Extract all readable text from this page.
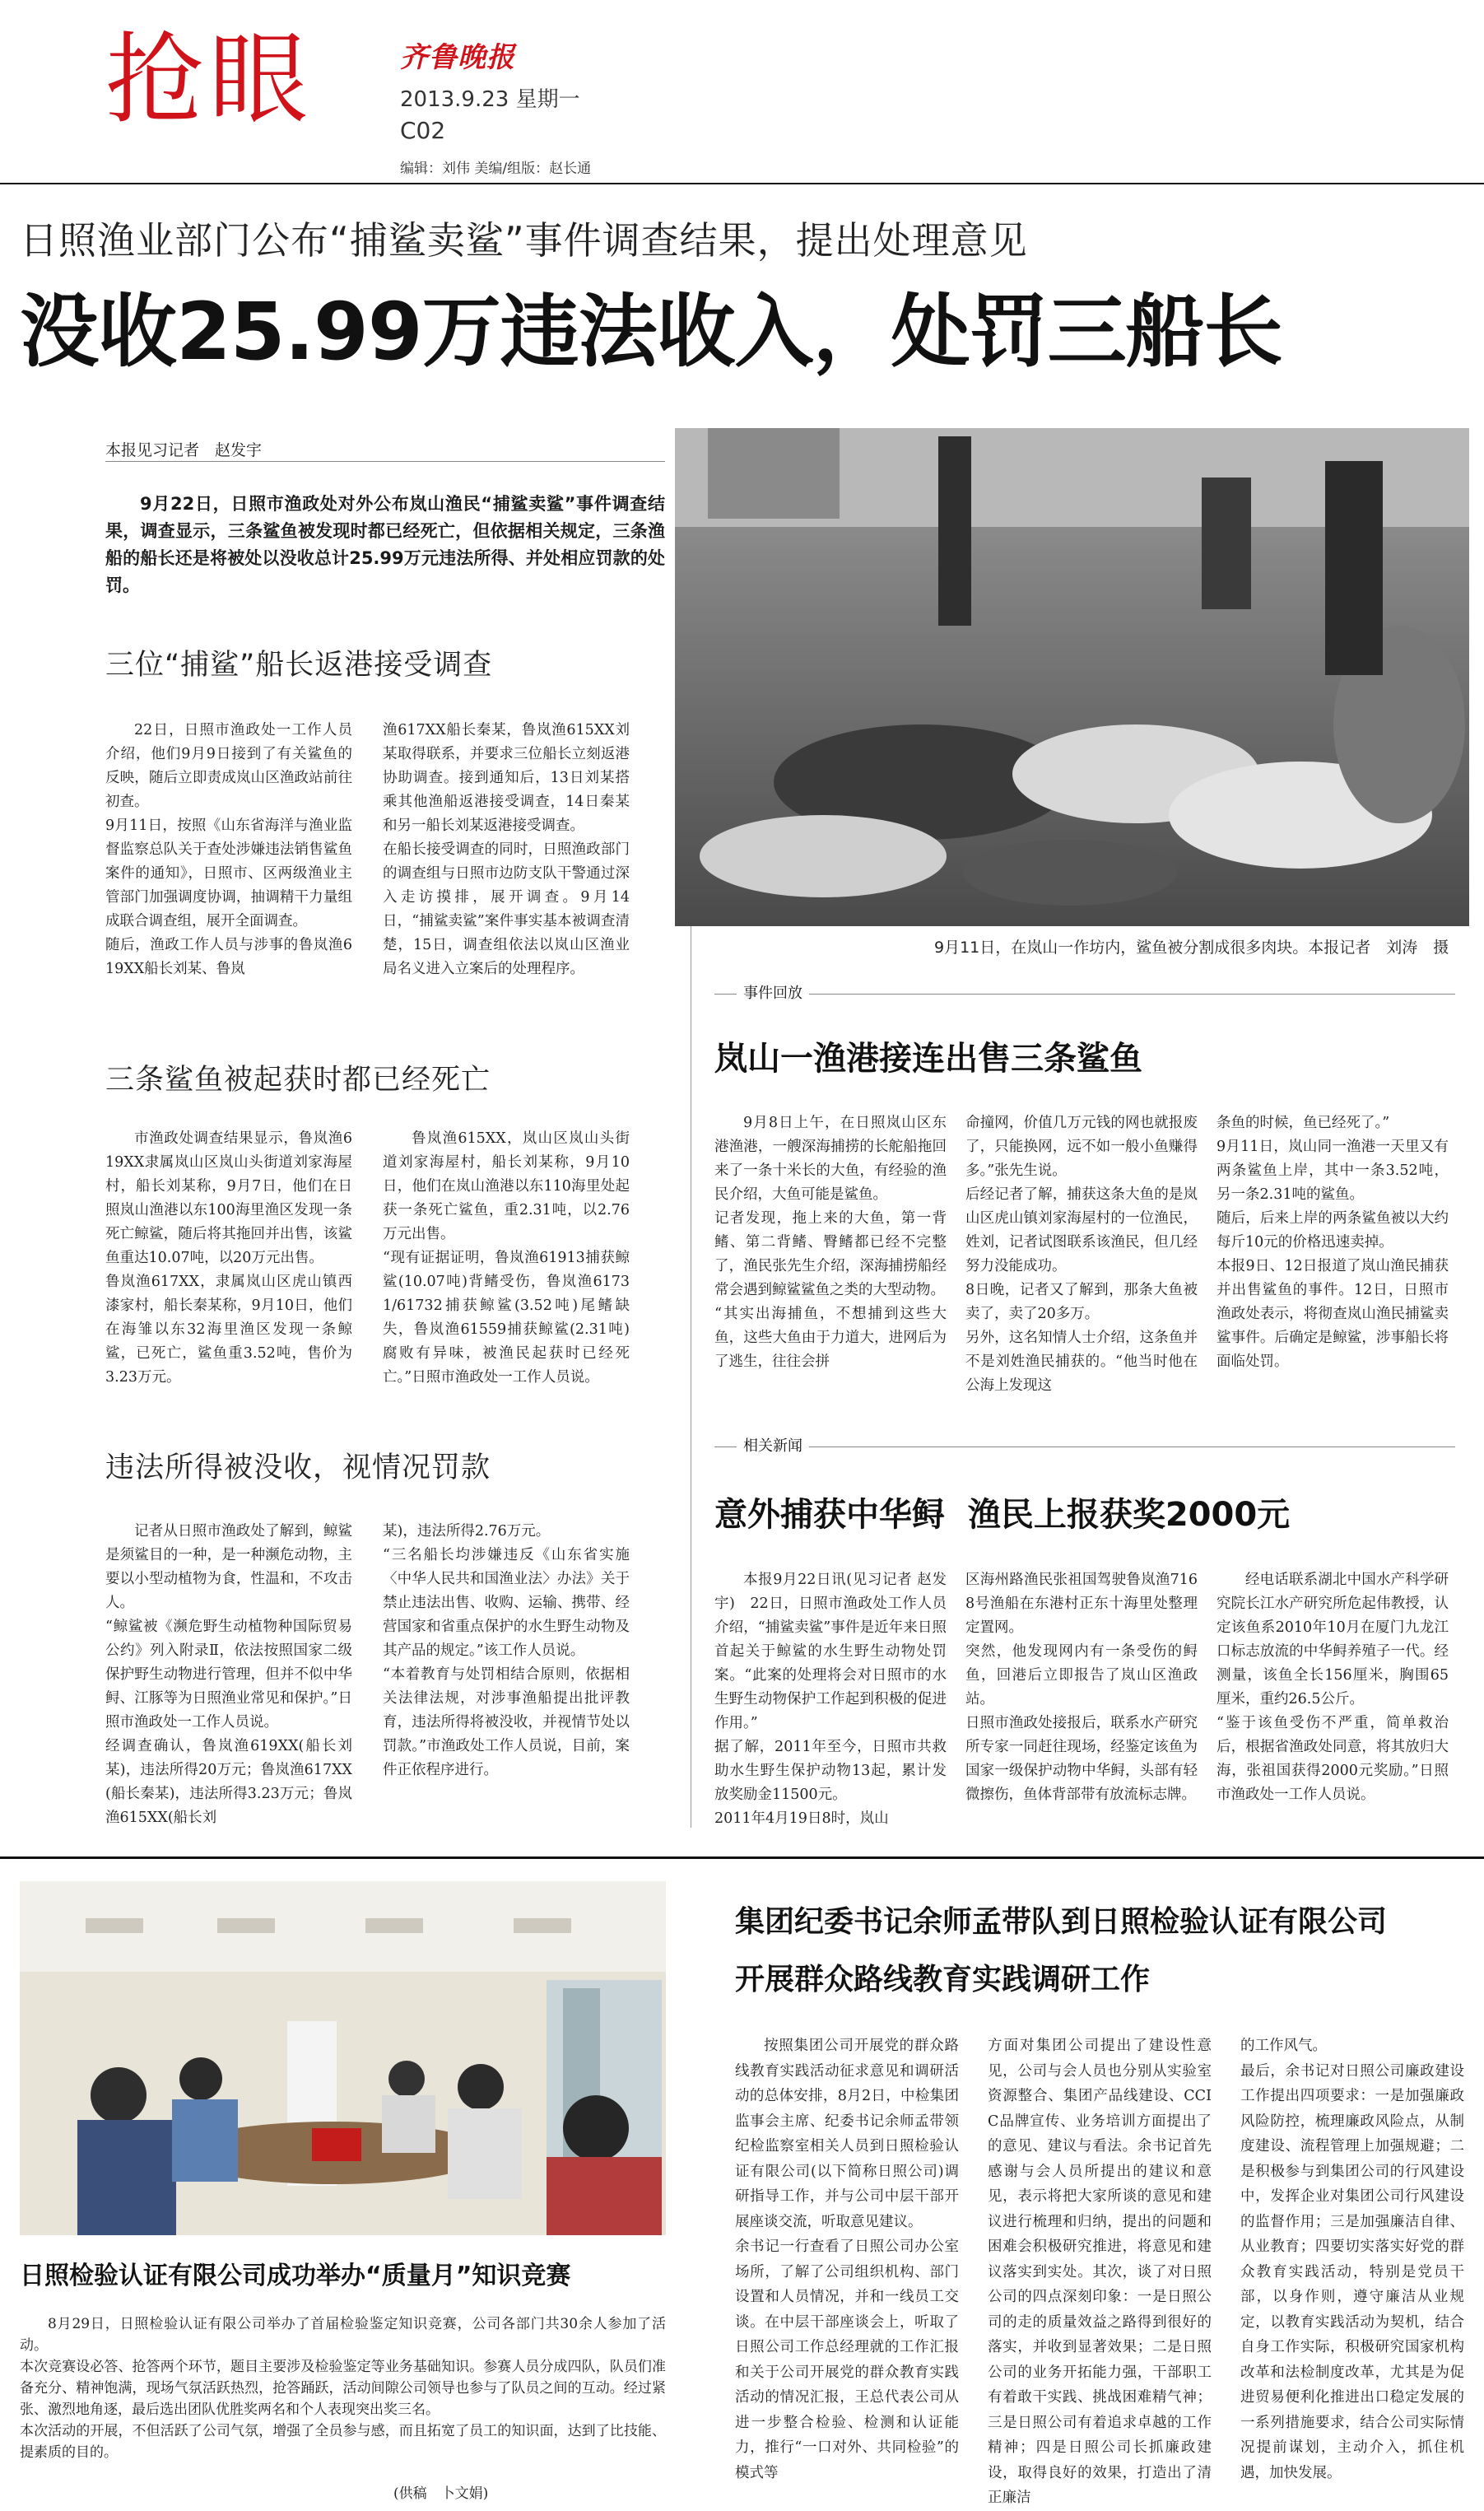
抢眼	齐鲁晚报
2013.9.23 星期一
C02
编辑：刘伟 美编/组版：赵长通
日照渔业部门公布“捕鲨卖鲨”事件调查结果，提出处理意见
没收25.99万违法收入，处罚三船长
本报见习记者　赵发宇
9月22日，日照市渔政处对外公布岚山渔民“捕鲨卖鲨”事件调查结果，调查显示，三条鲨鱼被发现时都已经死亡，但依据相关规定，三条渔船的船长还是将被处以没收总计25.99万元违法所得、并处相应罚款的处罚。
三位“捕鲨”船长返港接受调查
22日，日照市渔政处一工作人员介绍，他们9月9日接到了有关鲨鱼的反映，随后立即责成岚山区渔政站前往初查。
9月11日，按照《山东省海洋与渔业监督监察总队关于查处涉嫌违法销售鲨鱼案件的通知》，日照市、区两级渔业主管部门加强调度协调，抽调精干力量组成联合调查组，展开全面调查。
随后，渔政工作人员与涉事的鲁岚渔619XX船长刘某、鲁岚
渔617XX船长秦某，鲁岚渔615XX刘某取得联系，并要求三位船长立刻返港协助调查。接到通知后，13日刘某搭乘其他渔船返港接受调查，14日秦某和另一船长刘某返港接受调查。
在船长接受调查的同时，日照渔政部门的调查组与日照市边防支队干警通过深入走访摸排，展开调查。9月14日，“捕鲨卖鲨”案件事实基本被调查清楚，15日，调查组依法以岚山区渔业局名义进入立案后的处理程序。
三条鲨鱼被起获时都已经死亡
市渔政处调查结果显示，鲁岚渔619XX隶属岚山区岚山头街道刘家海屋村，船长刘某称，9月7日，他们在日照岚山渔港以东100海里渔区发现一条死亡鲸鲨，随后将其拖回并出售，该鲨鱼重达10.07吨，以20万元出售。
鲁岚渔617XX，隶属岚山区虎山镇西漆家村，船长秦某称，9月10日，他们在海雏以东32海里渔区发现一条鲸鲨，已死亡，鲨鱼重3.52吨，售价为3.23万元。
鲁岚渔615XX，岚山区岚山头街道刘家海屋村，船长刘某称，9月10日，他们在岚山渔港以东110海里处起获一条死亡鲨鱼，重2.31吨，以2.76万元出售。
“现有证据证明，鲁岚渔61913捕获鲸鲨(10.07吨)背鳍受伤，鲁岚渔61731/61732捕获鲸鲨(3.52吨)尾鳍缺失，鲁岚渔61559捕获鲸鲨(2.31吨)腐败有异味，被渔民起获时已经死亡。”日照市渔政处一工作人员说。
违法所得被没收，视情况罚款
记者从日照市渔政处了解到，鲸鲨是须鲨目的一种，是一种濒危动物，主要以小型动植物为食，性温和，不攻击人。
“鲸鲨被《濒危野生动植物种国际贸易公约》列入附录Ⅱ，依法按照国家二级保护野生动物进行管理，但并不似中华鲟、江豚等为日照渔业常见和保护。”日照市渔政处一工作人员说。
经调查确认，鲁岚渔619XX(船长刘某)，违法所得20万元；鲁岚渔617XX(船长秦某)，违法所得3.23万元；鲁岚渔615XX(船长刘
某)，违法所得2.76万元。
“三名船长均涉嫌违反《山东省实施〈中华人民共和国渔业法〉办法》关于禁止违法出售、收购、运输、携带、经营国家和省重点保护的水生野生动物及其产品的规定。”该工作人员说。
“本着教育与处罚相结合原则，依据相关法律法规，对涉事渔船提出批评教育，违法所得将被没收，并视情节处以罚款。”市渔政处工作人员说，目前，案件正依程序进行。
9月11日，在岚山一作坊内，鲨鱼被分割成很多肉块。本报记者　刘涛　摄
事件回放
岚山一渔港接连出售三条鲨鱼
9月8日上午，在日照岚山区东港渔港，一艘深海捕捞的长舵船拖回来了一条十米长的大鱼，有经验的渔民介绍，大鱼可能是鲨鱼。
记者发现，拖上来的大鱼，第一背鳍、第二背鳍、臀鳍都已经不完整了，渔民张先生介绍，深海捕捞船经常会遇到鲸鲨鲨鱼之类的大型动物。
“其实出海捕鱼，不想捕到这些大鱼，这些大鱼由于力道大，进网后为了逃生，往往会拼
命撞网，价值几万元钱的网也就报废了，只能换网，远不如一般小鱼赚得多。”张先生说。
后经记者了解，捕获这条大鱼的是岚山区虎山镇刘家海屋村的一位渔民，姓刘，记者试图联系该渔民，但几经努力没能成功。
8日晚，记者又了解到，那条大鱼被卖了，卖了20多万。
另外，这名知情人士介绍，这条鱼并不是刘姓渔民捕获的。“他当时他在公海上发现这
条鱼的时候，鱼已经死了。”
9月11日，岚山同一渔港一天里又有两条鲨鱼上岸，其中一条3.52吨，另一条2.31吨的鲨鱼。
随后，后来上岸的两条鲨鱼被以大约每斤10元的价格迅速卖掉。
本报9日、12日报道了岚山渔民捕获并出售鲨鱼的事件。12日，日照市渔政处表示，将彻查岚山渔民捕鲨卖鲨事件。后确定是鲸鲨，涉事船长将面临处罚。
相关新闻
意外捕获中华鲟  渔民上报获奖2000元
本报9月22日讯(见习记者 赵发宇)　22日，日照市渔政处工作人员介绍，“捕鲨卖鲨”事件是近年来日照首起关于鲸鲨的水生野生动物处罚案。“此案的处理将会对日照市的水生野生动物保护工作起到积极的促进作用。”
据了解，2011年至今，日照市共救助水生野生保护动物13起，累计发放奖励金11500元。
2011年4月19日8时，岚山
区海州路渔民张祖国驾驶鲁岚渔7168号渔船在东港村正东十海里处整理定置网。
突然，他发现网内有一条受伤的鲟鱼，回港后立即报告了岚山区渔政站。
日照市渔政处接报后，联系水产研究所专家一同赶往现场，经鉴定该鱼为国家一级保护动物中华鲟，头部有轻微擦伤，鱼体背部带有放流标志牌。
经电话联系湖北中国水产科学研究院长江水产研究所危起伟教授，认定该鱼系2010年10月在厦门九龙江口标志放流的中华鲟养殖子一代。经测量，该鱼全长156厘米，胸围65厘米，重约26.5公斤。
“鉴于该鱼受伤不严重，简单救治后，根据省渔政处同意，将其放归大海，张祖国获得2000元奖励。”日照市渔政处一工作人员说。
日照检验认证有限公司成功举办“质量月”知识竞赛
8月29日，日照检验认证有限公司举办了首届检验鉴定知识竞赛，公司各部门共30余人参加了活动。
本次竞赛设必答、抢答两个环节，题目主要涉及检验鉴定等业务基础知识。参赛人员分成四队，队员们准备充分、精神饱满，现场气氛活跃热烈，抢答踊跃，活动间隙公司领导也参与了队员之间的互动。经过紧张、激烈地角逐，最后选出团队优胜奖两名和个人表现突出奖三名。
本次活动的开展，不但活跃了公司气氛，增强了全员参与感，而且拓宽了员工的知识面，达到了比技能、提素质的目的。
(供稿　卜文娟)
集团纪委书记余师孟带队到日照检验认证有限公司
开展群众路线教育实践调研工作
按照集团公司开展党的群众路线教育实践活动征求意见和调研活动的总体安排，8月2日，中检集团监事会主席、纪委书记余师孟带领纪检监察室相关人员到日照检验认证有限公司(以下简称日照公司)调研指导工作，并与公司中层干部开展座谈交流，听取意见建议。
余书记一行查看了日照公司办公室场所，了解了公司组织机构、部门设置和人员情况，并和一线员工交谈。在中层干部座谈会上，听取了日照公司工作总经理就的工作汇报和关于公司开展党的群众教育实践活动的情况汇报，王总代表公司从进一步整合检验、检测和认证能力，推行“一口对外、共同检验”的模式等
方面对集团公司提出了建设性意见，公司与会人员也分别从实验室资源整合、集团产品线建设、CCIC品牌宣传、业务培训方面提出了的意见、建议与看法。余书记首先感谢与会人员所提出的建议和意见，表示将把大家所谈的意见和建议进行梳理和归纳，提出的问题和困难会积极研究推进，将意见和建议落实到实处。其次，谈了对日照公司的四点深刻印象：一是日照公司的走的质量效益之路得到很好的落实，并收到显著效果；二是日照公司的业务开拓能力强，干部职工有着敢干实践、挑战困难精气神；三是日照公司有着追求卓越的工作精神；四是日照公司长抓廉政建设，取得良好的效果，打造出了清正廉洁
的工作风气。
最后，余书记对日照公司廉政建设工作提出四项要求：一是加强廉政风险防控，梳理廉政风险点，从制度建设、流程管理上加强规避；二是积极参与到集团公司的行风建设中，发挥企业对集团公司行风建设的监督作用；三是加强廉洁自律、从业教育；四要切实落实好党的群众教育实践活动，特别是党员干部，以身作则，遵守廉洁从业规定，以教育实践活动为契机，结合自身工作实际，积极研究国家机构改革和法检制度改革，尤其是为促进贸易便利化推进出口稳定发展的一系列措施要求，结合公司实际情况提前谋划，主动介入，抓住机遇，加快发展。
